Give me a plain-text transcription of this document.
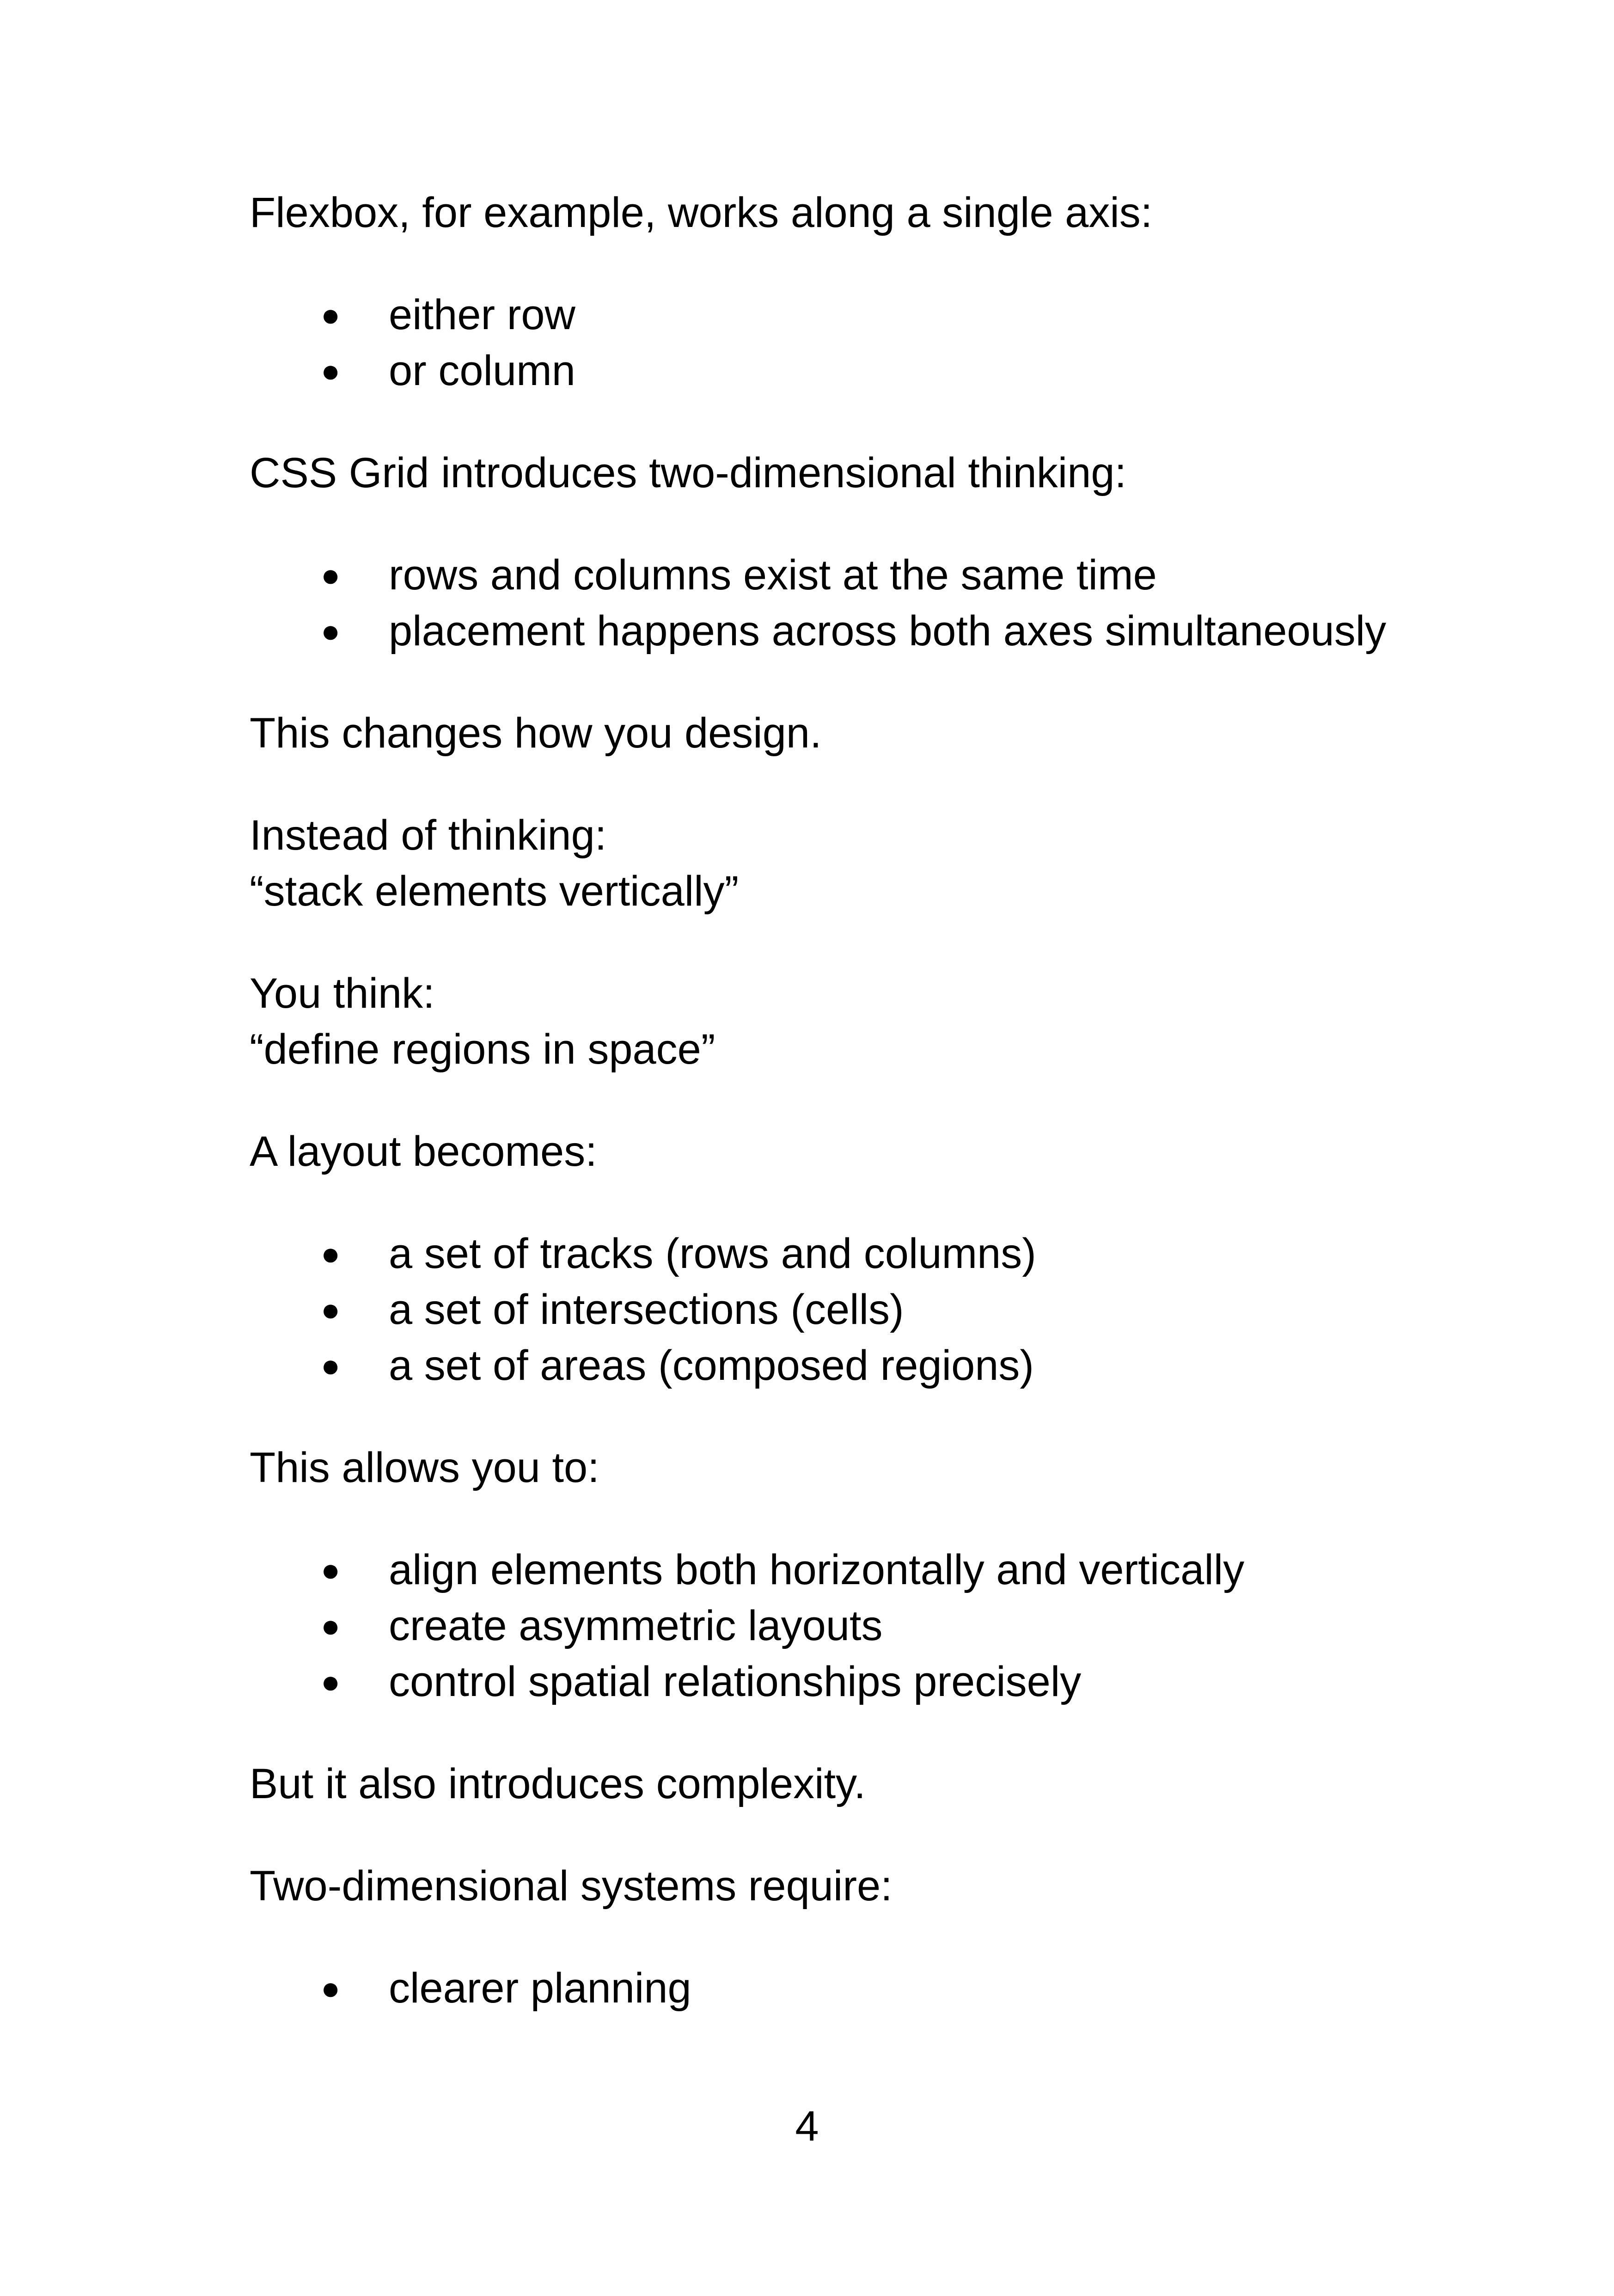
Flexbox, for example, works along a single axis:
● either row
● or column
CSS Grid introduces two-dimensional thinking:
● rows and columns exist at the same time
● placement happens across both axes simultaneously
This changes how you design.
Instead of thinking:
“stack elements vertically”
You think:
“define regions in space”
A layout becomes:
● a set of tracks (rows and columns)
● a set of intersections (cells)
● a set of areas (composed regions)
This allows you to:
● align elements both horizontally and vertically
● create asymmetric layouts
● control spatial relationships precisely
But it also introduces complexity.
Two-dimensional systems require:
● clearer planning
4
